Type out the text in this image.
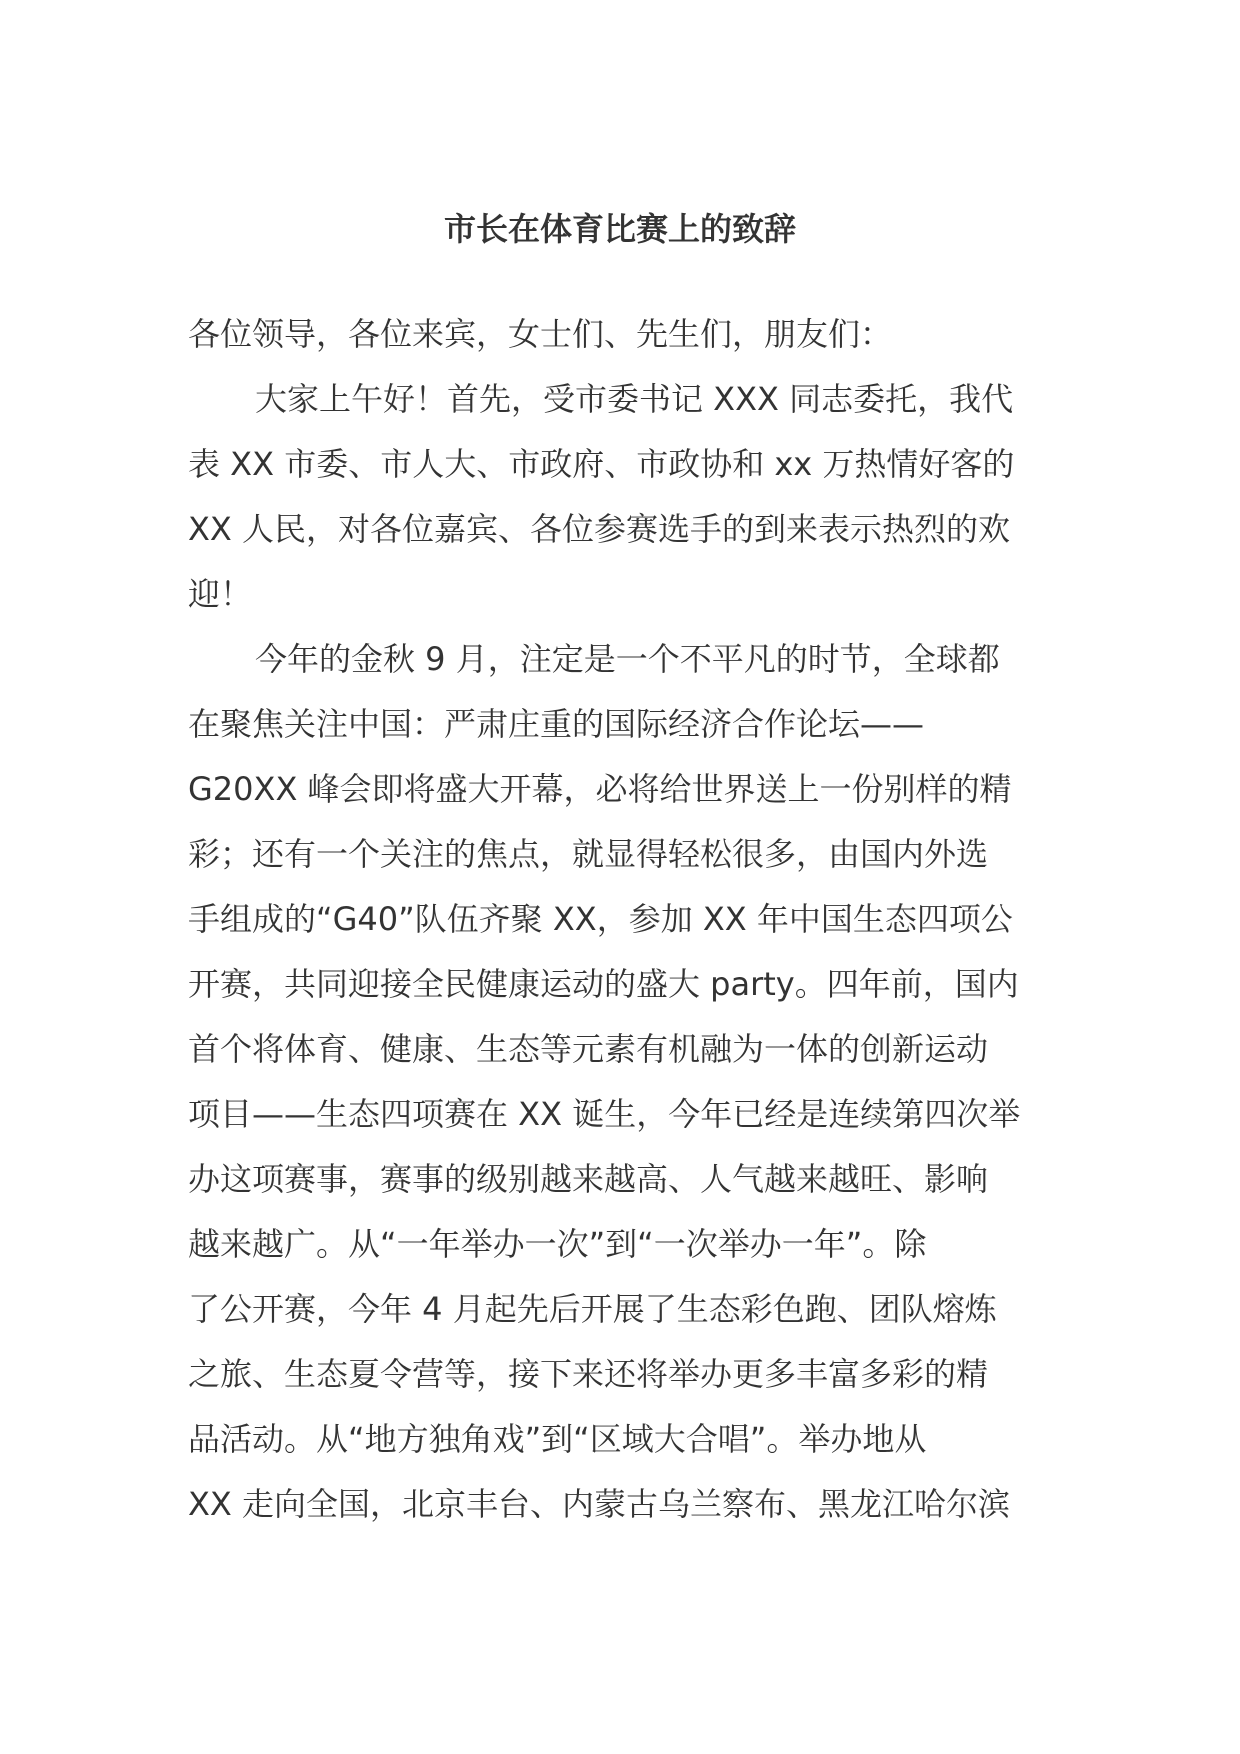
市长在体育比赛上的致辞
各位领导，各位来宾，女士们、先生们，朋友们：
大家上午好！首先，受市委书记 XXX 同志委托，我代
表 XX 市委、市人大、市政府、市政协和 xx 万热情好客的
XX 人民，对各位嘉宾、各位参赛选手的到来表示热烈的欢
迎！
今年的金秋 9 月，注定是一个不平凡的时节，全球都
在聚焦关注中国：严肃庄重的国际经济合作论坛——
G20XX 峰会即将盛大开幕，必将给世界送上一份别样的精
彩；还有一个关注的焦点，就显得轻松很多，由国内外选
手组成的“G40”队伍齐聚 XX，参加 XX 年中国生态四项公
开赛，共同迎接全民健康运动的盛大 party。四年前，国内
首个将体育、健康、生态等元素有机融为一体的创新运动
项目——生态四项赛在 XX 诞生，今年已经是连续第四次举
办这项赛事，赛事的级别越来越高、人气越来越旺、影响
越来越广。从“一年举办一次”到“一次举办一年”。除
了公开赛，今年 4 月起先后开展了生态彩色跑、团队熔炼
之旅、生态夏令营等，接下来还将举办更多丰富多彩的精
品活动。从“地方独角戏”到“区域大合唱”。举办地从
XX 走向全国，北京丰台、内蒙古乌兰察布、黑龙江哈尔滨
